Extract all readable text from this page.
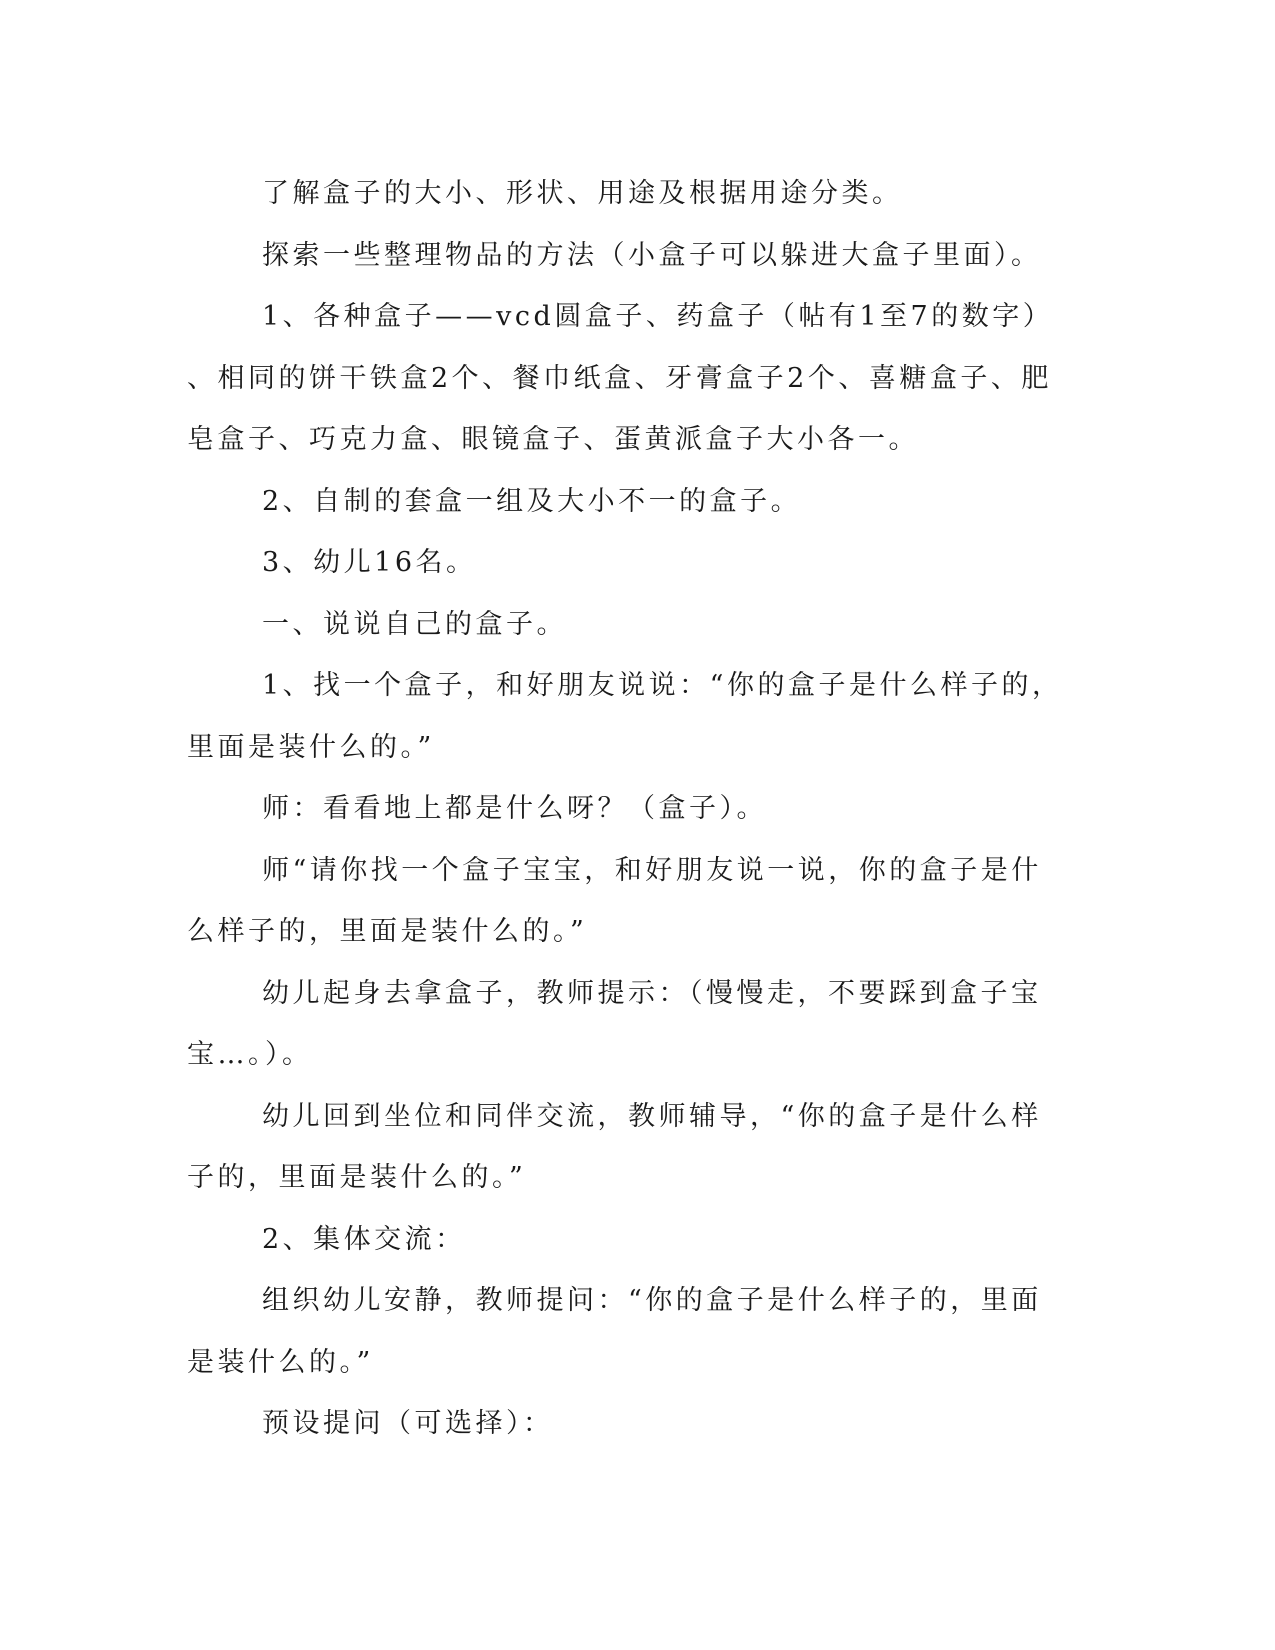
了解盒子的大小、形状、用途及根据用途分类。

探索一些整理物品的方法（小盒子可以躲进大盒子里面）。

1、各种盒子——vcd圆盒子、药盒子（帖有1至7的数字）、相同的饼干铁盒2个、餐巾纸盒、牙膏盒子2个、喜糖盒子、肥皂盒子、巧克力盒、眼镜盒子、蛋黄派盒子大小各一。

2、自制的套盒一组及大小不一的盒子。

3、幼儿16名。

一、说说自己的盒子。

1、找一个盒子，和好朋友说说：“你的盒子是什么样子的，里面是装什么的。”

师：看看地上都是什么呀？（盒子）。

师“请你找一个盒子宝宝，和好朋友说一说，你的盒子是什么样子的，里面是装什么的。”

幼儿起身去拿盒子，教师提示：（慢慢走，不要踩到盒子宝宝…。）。

幼儿回到坐位和同伴交流，教师辅导，“你的盒子是什么样子的，里面是装什么的。”

2、集体交流：

组织幼儿安静，教师提问：“你的盒子是什么样子的，里面是装什么的。”

预设提问（可选择）：
